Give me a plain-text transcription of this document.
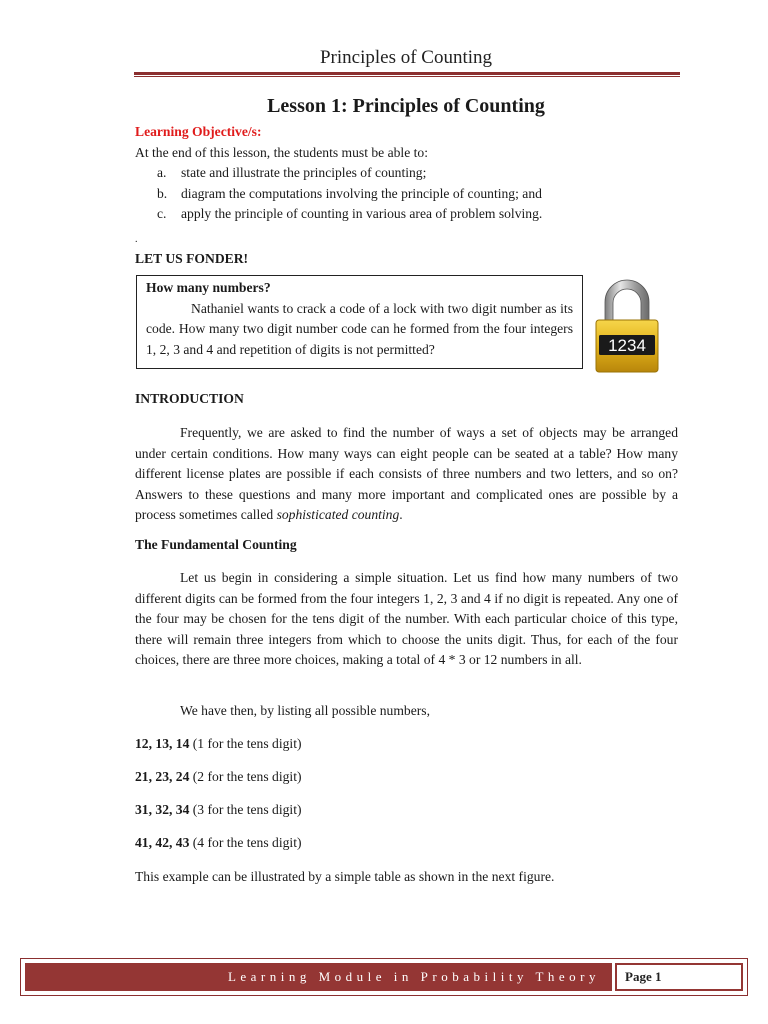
Principles of Counting
Lesson 1: Principles of Counting
Learning Objective/s:
At the end of this lesson, the students must be able to:
a.	state and illustrate the principles of counting;
b.	diagram the computations involving the principle of counting; and
c.	apply the principle of counting in various area of problem solving.
.
LET US FONDER!
How many numbers?
Nathaniel wants to crack a code of a lock with two digit number as its code. How many two digit number code can he formed from the four integers 1, 2, 3 and 4 and repetition of digits is not permitted?	1234
INTRODUCTION
Frequently, we are asked to find the number of ways a set of objects may be arranged under certain conditions. How many ways can eight people can be seated at a table? How many different license plates are possible if each consists of three numbers and two letters, and so on? Answers to these questions and many more important and complicated ones are possible by a process sometimes called sophisticated counting.
The Fundamental Counting
Let us begin in considering a simple situation. Let us find how many numbers of two different digits can be formed from the four integers 1, 2, 3 and 4 if no digit is repeated. Any one of the four may be chosen for the tens digit of the number. With each particular choice of this type, there will remain three integers from which to choose the units digit. Thus, for each of the four choices, there are three more choices, making a total of 4 * 3 or 12 numbers in all.
We have then, by listing all possible numbers,
12, 13, 14 (1 for the tens digit)
21, 23, 24 (2 for the tens digit)
31, 32, 34 (3 for the tens digit)
41, 42, 43 (4 for the tens digit)
This example can be illustrated by a simple table as shown in the next figure.
Learning Module in Probability Theory	Page 1
